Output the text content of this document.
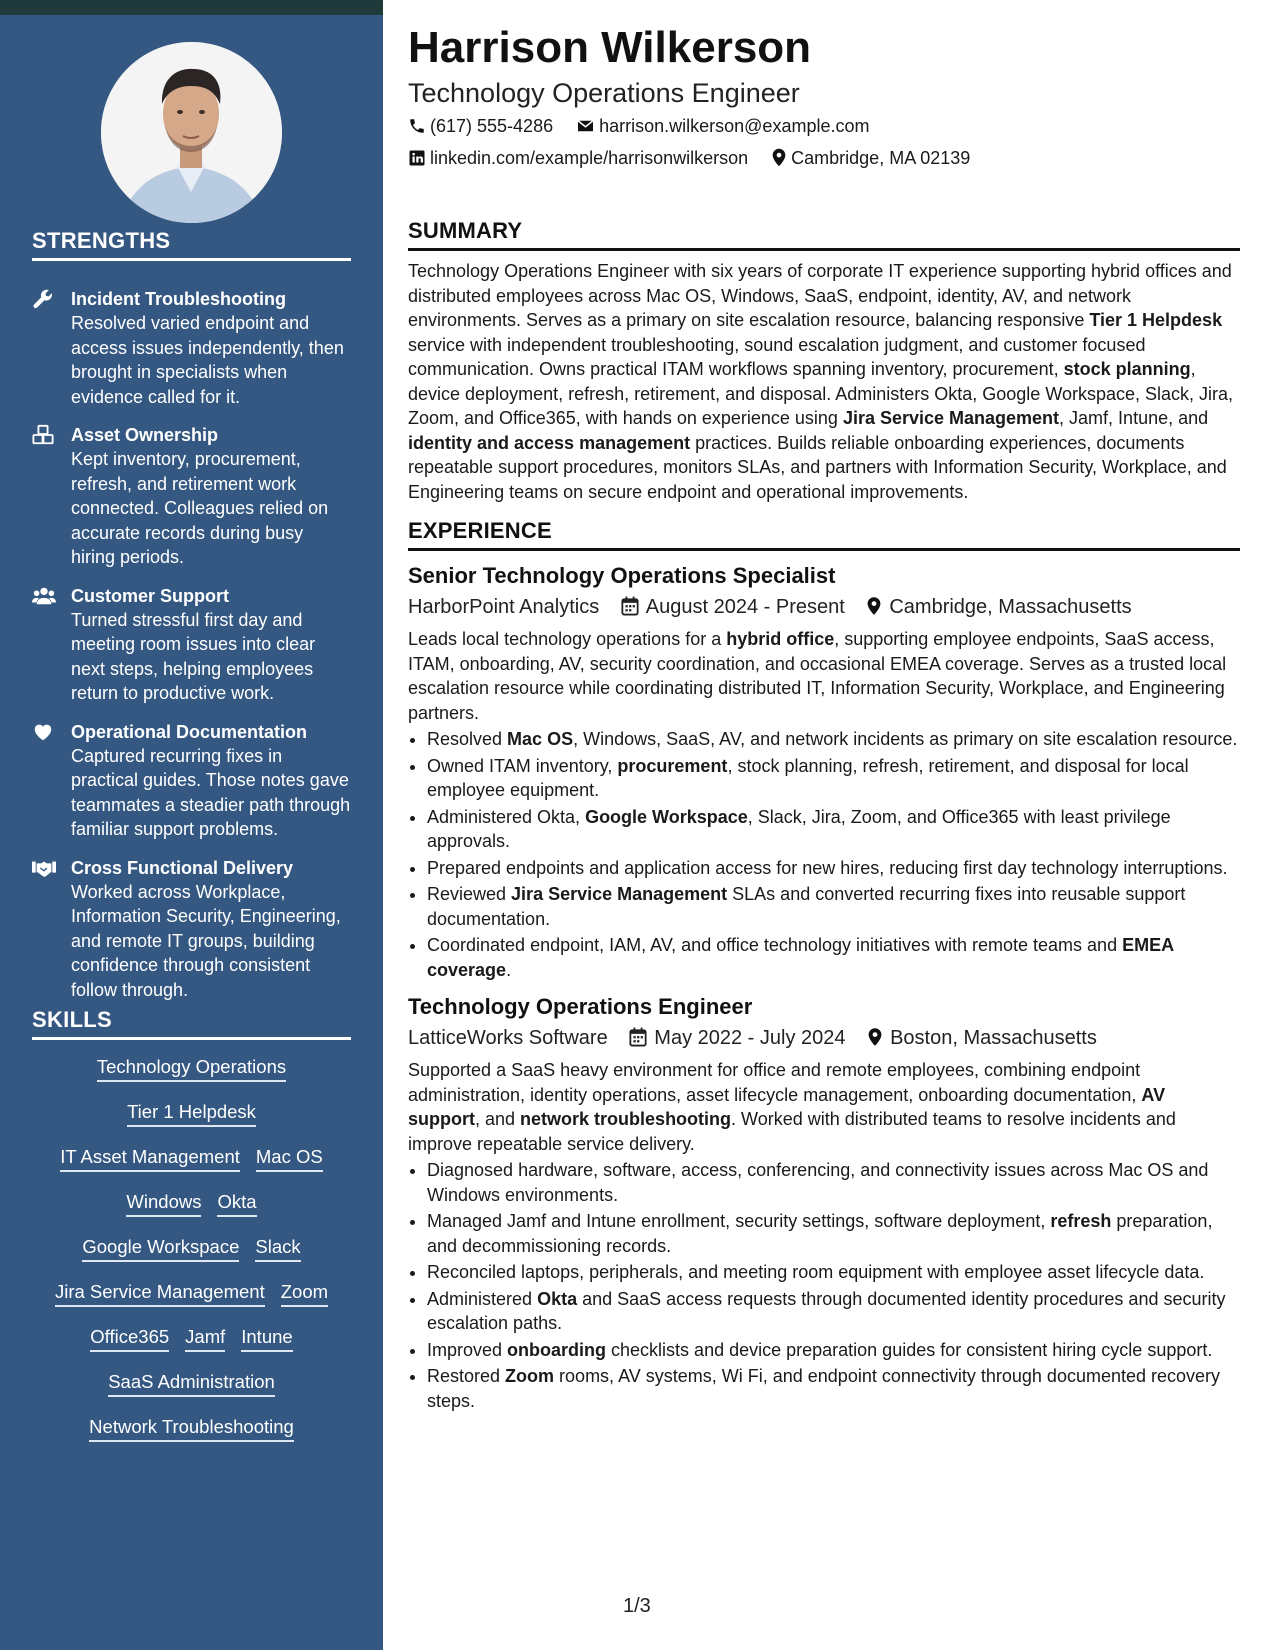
STRENGTHS
Incident Troubleshooting
Resolved varied endpoint and access issues independently, then brought in specialists when evidence called for it.
Asset Ownership
Kept inventory, procurement, refresh, and retirement work connected. Colleagues relied on accurate records during busy hiring periods.
Customer Support
Turned stressful first day and meeting room issues into clear next steps, helping employees return to productive work.
Operational Documentation
Captured recurring fixes in practical guides. Those notes gave teammates a steadier path through familiar support problems.
Cross Functional Delivery
Worked across Workplace, Information Security, Engineering, and remote IT groups, building confidence through consistent follow through.
SKILLS
Technology Operations
Tier 1 Helpdesk
IT Asset Management Mac OS
Windows Okta
Google Workspace Slack
Jira Service Management Zoom
Office365 Jamf Intune
SaaS Administration
Network Troubleshooting
Harrison Wilkerson
Technology Operations Engineer
(617) 555-4286	harrison.wilkerson@example.com
linkedin.com/example/harrisonwilkerson Cambridge, MA 02139
SUMMARY
Technology Operations Engineer with six years of corporate IT experience supporting hybrid offices and distributed employees across Mac OS, Windows, SaaS, endpoint, identity, AV, and network environments. Serves as a primary on site escalation resource, balancing responsive Tier 1 Helpdesk service with independent troubleshooting, sound escalation judgment, and customer focused communication. Owns practical ITAM workflows spanning inventory, procurement, stock planning, device deployment, refresh, retirement, and disposal. Administers Okta, Google Workspace, Slack, Jira, Zoom, and Office365, with hands on experience using Jira Service Management, Jamf, Intune, and identity and access management practices. Builds reliable onboarding experiences, documents repeatable support procedures, monitors SLAs, and partners with Information Security, Workplace, and Engineering teams on secure endpoint and operational improvements.
EXPERIENCE
Senior Technology Operations Specialist
HarborPoint Analytics August 2024 - Present Cambridge, Massachusetts
Leads local technology operations for a hybrid office, supporting employee endpoints, SaaS access, ITAM, onboarding, AV, security coordination, and occasional EMEA coverage. Serves as a trusted local escalation resource while coordinating distributed IT, Information Security, Workplace, and Engineering partners.
• Resolved Mac OS, Windows, SaaS, AV, and network incidents as primary on site escalation resource.
• Owned ITAM inventory, procurement, stock planning, refresh, retirement, and disposal for local employee equipment.
• Administered Okta, Google Workspace, Slack, Jira, Zoom, and Office365 with least privilege approvals.
• Prepared endpoints and application access for new hires, reducing first day technology interruptions.
• Reviewed Jira Service Management SLAs and converted recurring fixes into reusable support documentation.
• Coordinated endpoint, IAM, AV, and office technology initiatives with remote teams and EMEA coverage.
Technology Operations Engineer
LatticeWorks Software May 2022 - July 2024 Boston, Massachusetts
Supported a SaaS heavy environment for office and remote employees, combining endpoint administration, identity operations, asset lifecycle management, onboarding documentation, AV support, and network troubleshooting. Worked with distributed teams to resolve incidents and improve repeatable service delivery.
• Diagnosed hardware, software, access, conferencing, and connectivity issues across Mac OS and Windows environments.
• Managed Jamf and Intune enrollment, security settings, software deployment, refresh preparation, and decommissioning records.
• Reconciled laptops, peripherals, and meeting room equipment with employee asset lifecycle data.
• Administered Okta and SaaS access requests through documented identity procedures and security escalation paths.
• Improved onboarding checklists and device preparation guides for consistent hiring cycle support.
• Restored Zoom rooms, AV systems, Wi Fi, and endpoint connectivity through documented recovery steps.
1/3
